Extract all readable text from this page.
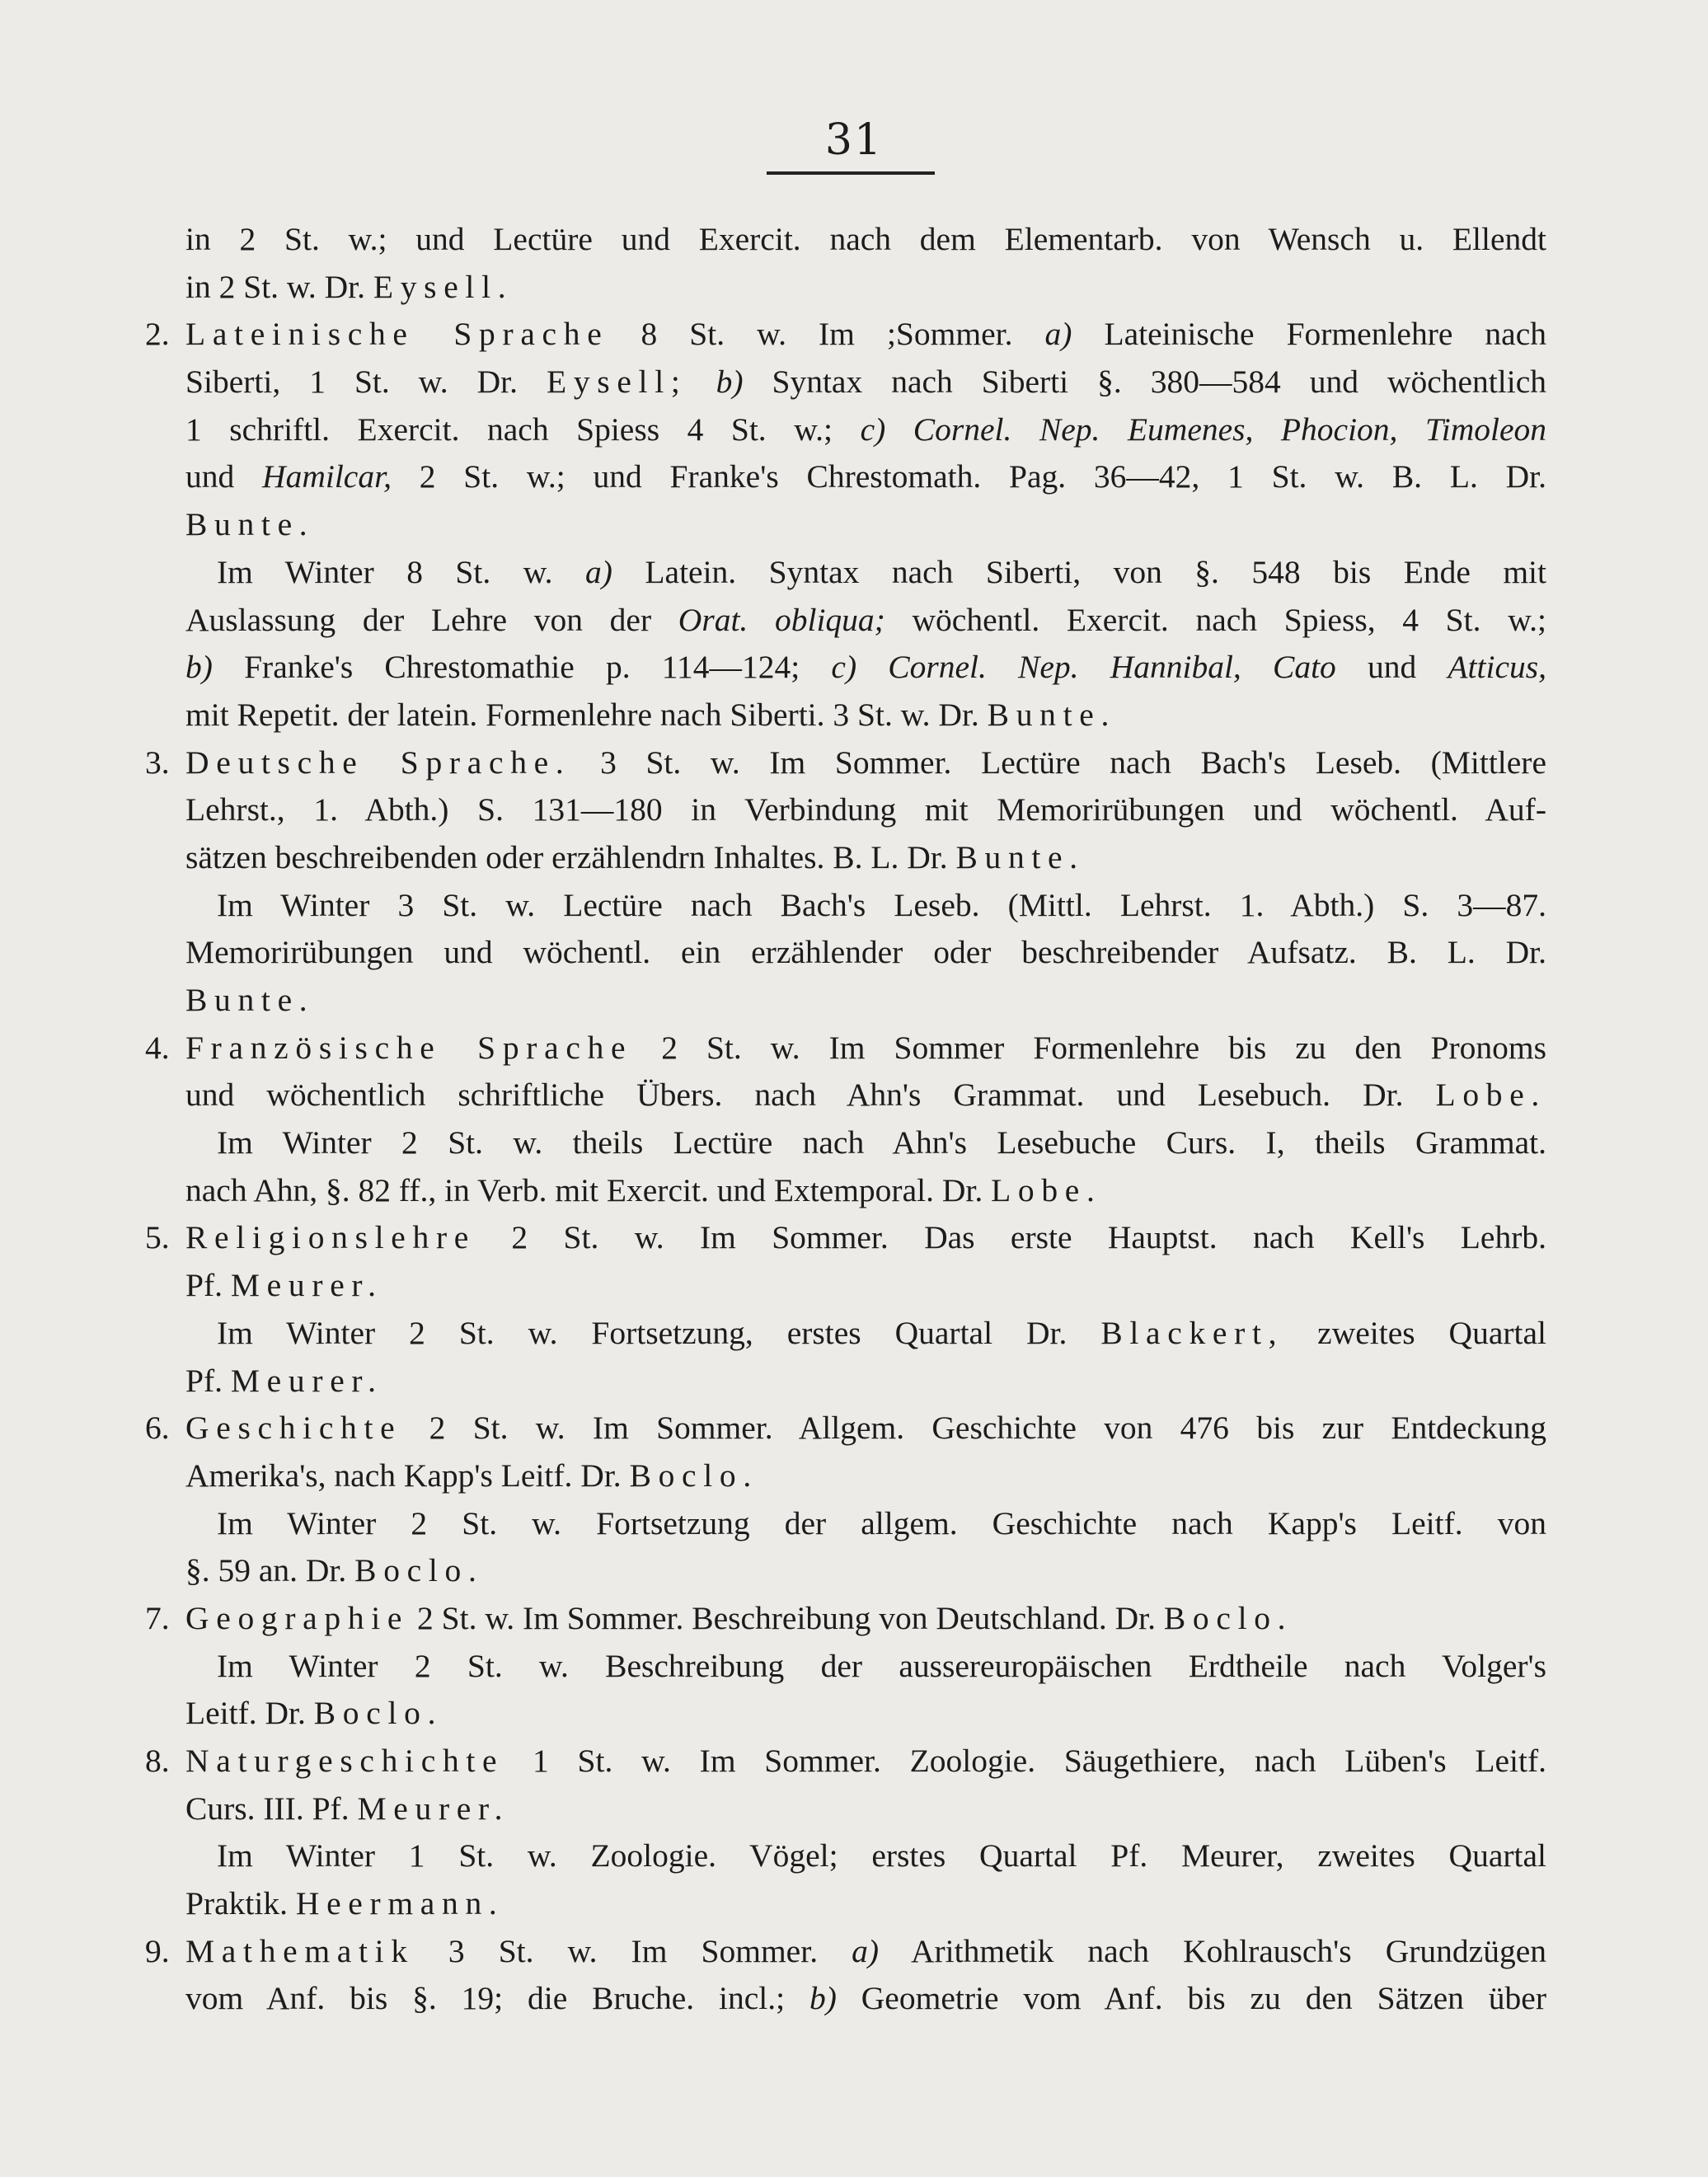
31
in 2 St. w.; und Lectüre und Exercit. nach dem Elementarb. von Wensch u. Ellendt
in 2 St. w. Dr. Eysell.
2. Lateinische Sprache 8 St. w. Im ;Sommer. a) Lateinische Formenlehre nach
Siberti, 1 St. w. Dr. Eysell; b) Syntax nach Siberti §. 380—584 und wöchentlich
1 schriftl. Exercit. nach Spiess 4 St. w.; c) Cornel. Nep. Eumenes, Phocion, Timoleon
und Hamilcar, 2 St. w.; und Franke's Chrestomath. Pag. 36—42, 1 St. w. B. L. Dr.
Bunte.
Im Winter 8 St. w. a) Latein. Syntax nach Siberti, von §. 548 bis Ende mit
Auslassung der Lehre von der Orat. obliqua; wöchentl. Exercit. nach Spiess, 4 St. w.;
b) Franke's Chrestomathie p. 114—124; c) Cornel. Nep. Hannibal, Cato und Atticus,
mit Repetit. der latein. Formenlehre nach Siberti. 3 St. w. Dr. Bunte.
3. Deutsche Sprache. 3 St. w. Im Sommer. Lectüre nach Bach's Leseb. (Mittlere
Lehrst., 1. Abth.) S. 131—180 in Verbindung mit Memorirübungen und wöchentl. Auf-
sätzen beschreibenden oder erzählendrn Inhaltes. B. L. Dr. Bunte.
Im Winter 3 St. w. Lectüre nach Bach's Leseb. (Mittl. Lehrst. 1. Abth.) S. 3—87.
Memorirübungen und wöchentl. ein erzählender oder beschreibender Aufsatz. B. L. Dr.
Bunte.
4. Französische Sprache 2 St. w. Im Sommer Formenlehre bis zu den Pronoms
und wöchentlich schriftliche Übers. nach Ahn's Grammat. und Lesebuch. Dr. Lobe.
Im Winter 2 St. w. theils Lectüre nach Ahn's Lesebuche Curs. I, theils Grammat.
nach Ahn, §. 82 ff., in Verb. mit Exercit. und Extemporal. Dr. Lobe.
5. Religionslehre 2 St. w. Im Sommer. Das erste Hauptst. nach Kell's Lehrb.
Pf. Meurer.
Im Winter 2 St. w. Fortsetzung, erstes Quartal Dr. Blackert, zweites Quartal
Pf. Meurer.
6. Geschichte 2 St. w. Im Sommer. Allgem. Geschichte von 476 bis zur Entdeckung
Amerika's, nach Kapp's Leitf. Dr. Boclo.
Im Winter 2 St. w. Fortsetzung der allgem. Geschichte nach Kapp's Leitf. von
§. 59 an. Dr. Boclo.
7. Geographie 2 St. w. Im Sommer. Beschreibung von Deutschland. Dr. Boclo.
Im Winter 2 St. w. Beschreibung der aussereuropäischen Erdtheile nach Volger's
Leitf. Dr. Boclo.
8. Naturgeschichte 1 St. w. Im Sommer. Zoologie. Säugethiere, nach Lüben's Leitf.
Curs. III. Pf. Meurer.
Im Winter 1 St. w. Zoologie. Vögel; erstes Quartal Pf. Meurer, zweites Quartal
Praktik. Heermann.
9. Mathematik 3 St. w. Im Sommer. a) Arithmetik nach Kohlrausch's Grundzügen
vom Anf. bis §. 19; die Bruche. incl.; b) Geometrie vom Anf. bis zu den Sätzen über
